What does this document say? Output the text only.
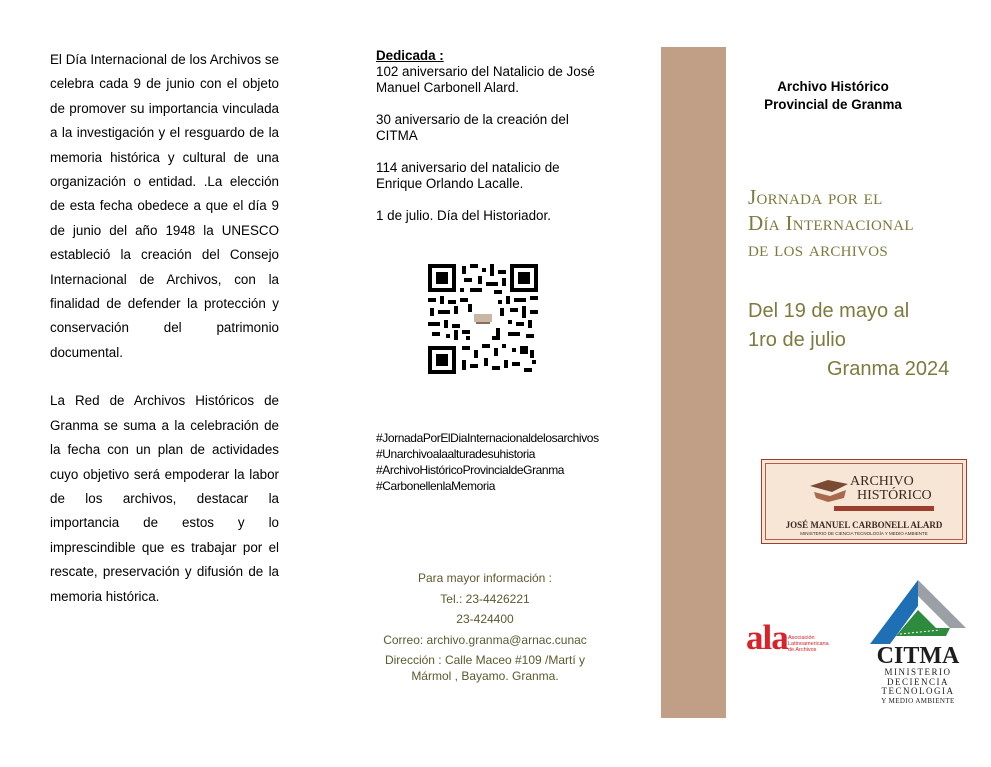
El Día Internacional de los Archivos se celebra cada 9 de junio con el objeto de promover su importancia vinculada a la investigación y el resguardo de la memoria histórica y cultural de una organización o entidad. .La elección de esta fecha obedece a que el día 9 de junio del año 1948 la UNESCO estableció la creación del Consejo Internacional de Archivos, con la finalidad de defender la protección y conservación del patrimonio documental.

La Red de Archivos Históricos de Granma se suma a la celebración de la fecha con un plan de actividades cuyo objetivo será empoderar la labor de los archivos, destacar la importancia de estos y lo imprescindible que es trabajar por el rescate, preservación y difusión de la memoria histórica.

Dedicada :
102 aniversario del Natalicio de José Manuel Carbonell Alard.
30 aniversario de la creación del CITMA
114 aniversario del natalicio de Enrique Orlando Lacalle.
1 de julio. Día del Historiador.
#JornadaPorElDiaInternacionaldelosarchivos
#Unarchivoalaalturadesuhistoria
#ArchivoHistóricoProvincialdeGranma
#CarbonellenlaMemoria
Para mayor información :
Tel.: 23-4426221
23-424400
Correo: archivo.granma@arnac.cunac
Dirección : Calle Maceo #109 /Martí y Mármol , Bayamo. Granma.
Archivo Histórico
Provincial de Granma
Jornada por el
Día Internacional
de los archivos
Del 19 de mayo al
1ro de julio
Granma 2024
ARCHIVO
HISTÓRICO
JOSÉ MANUEL CARBONELL ALARD
MINISTERIO DE CIENCIA TECNOLOGÍA Y MEDIO AMBIENTE
ala Asociación
Latinoamericana
de Archivos	CITMA
MINISTERIO
DECIENCIA
TECNOLOGIA
Y MEDIO AMBIENTE
